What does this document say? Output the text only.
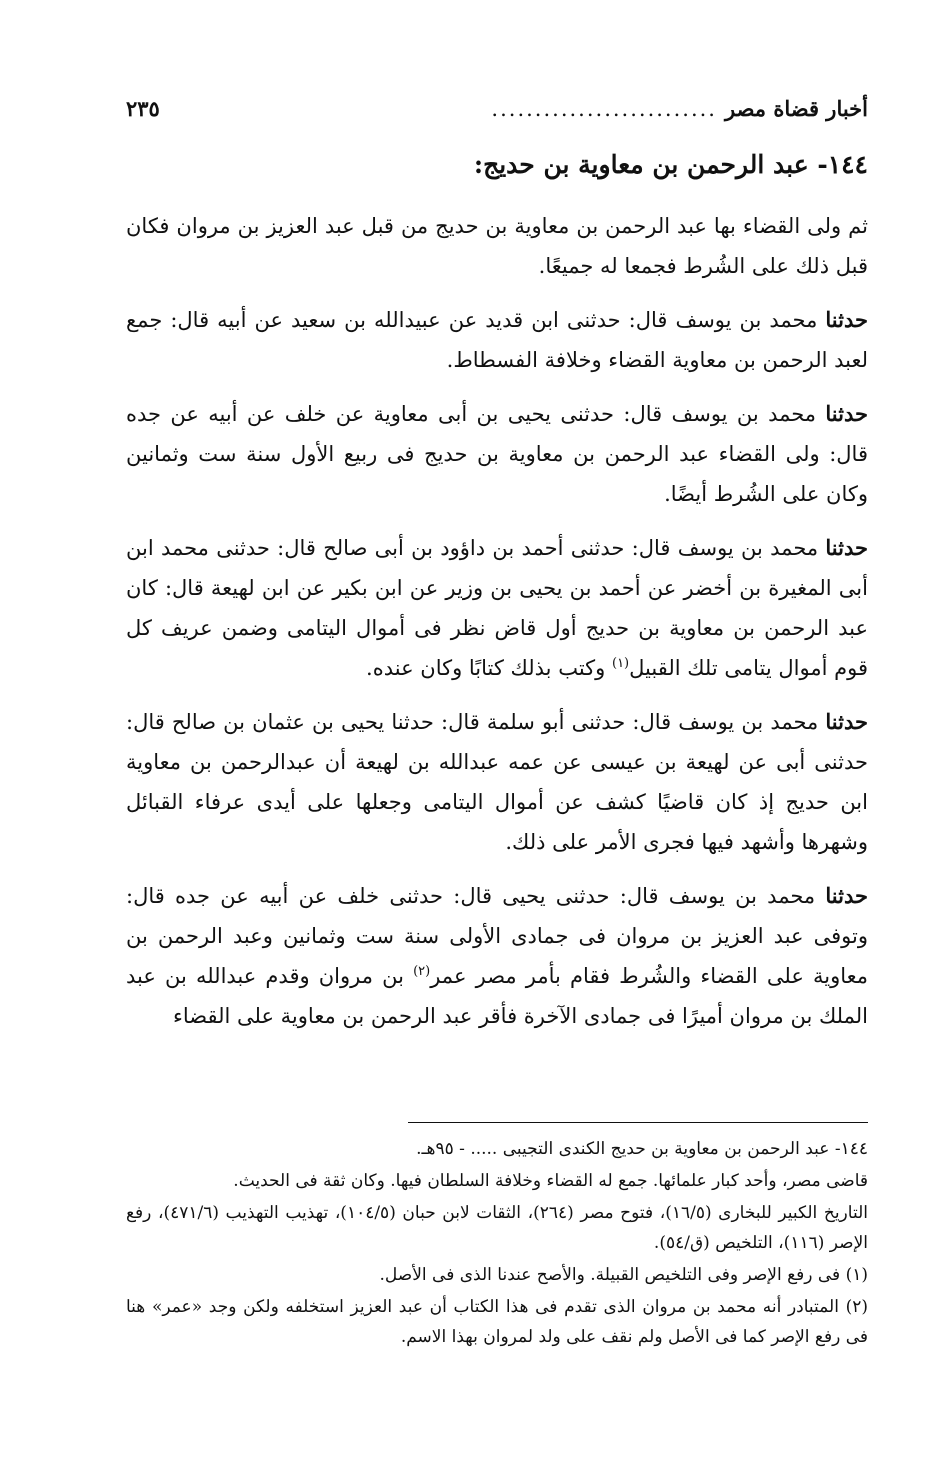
أخبار قضاة مصر
..........................
٢٣٥
١٤٤- عبد الرحمن بن معاوية بن حديج:

ثم ولى القضاء بها عبد الرحمن بن معاوية بن حديج من قبل عبد العزيز بن مروان فكان قبل ذلك على الشُرط فجمعا له جميعًا.

حدثنا محمد بن يوسف قال: حدثنى ابن قديد عن عبيدالله بن سعيد عن أبيه قال: جمع لعبد الرحمن بن معاوية القضاء وخلافة الفسطاط.

حدثنا محمد بن يوسف قال: حدثنى يحيى بن أبى معاوية عن خلف عن أبيه عن جده قال: ولى القضاء عبد الرحمن بن معاوية بن حديج فى ربيع الأول سنة ست وثمانين وكان على الشُرط أيضًا.

حدثنا محمد بن يوسف قال: حدثنى أحمد بن داؤود بن أبى صالح قال: حدثنى محمد ابن أبى المغيرة بن أخضر عن أحمد بن يحيى بن وزير عن ابن بكير عن ابن لهيعة قال: كان عبد الرحمن بن معاوية بن حديج أول قاض نظر فى أموال اليتامى وضمن عريف كل قوم أموال يتامى تلك القبيل$^{(١)}$ وكتب بذلك كتابًا وكان عنده.

حدثنا محمد بن يوسف قال: حدثنى أبو سلمة قال: حدثنا يحيى بن عثمان بن صالح قال: حدثنى أبى عن لهيعة بن عيسى عن عمه عبدالله بن لهيعة أن عبدالرحمن بن معاوية ابن حديج إذ كان قاضيًا كشف عن أموال اليتامى وجعلها على أيدى عرفاء القبائل وشهرها وأشهد فيها فجرى الأمر على ذلك.

حدثنا محمد بن يوسف قال: حدثنى يحيى قال: حدثنى خلف عن أبيه عن جده قال: وتوفى عبد العزيز بن مروان فى جمادى الأولى سنة ست وثمانين وعبد الرحمن بن معاوية على القضاء والشُرط فقام بأمر مصر عمر$^{(٢)}$ بن مروان وقدم عبدالله بن عبد الملك بن مروان أميرًا فى جمادى الآخرة فأقر عبد الرحمن بن معاوية على القضاء

١٤٤- عبد الرحمن بن معاوية بن حديج الكندى التجيبى ..... - ٩٥هـ.

قاضى مصر، وأحد كبار علمائها. جمع له القضاء وخلافة السلطان فيها. وكان ثقة فى الحديث.

التاريخ الكبير للبخارى (١٦/٥)، فتوح مصر (٢٦٤)، الثقات لابن حبان (١٠٤/٥)، تهذيب التهذيب (٤٧١/٦)، رفع الإصر (١١٦)، التلخيص (ق/٥٤).

(١) فى رفع الإصر وفى التلخيص القبيلة. والأصح عندنا الذى فى الأصل.

(٢) المتبادر أنه محمد بن مروان الذى تقدم فى هذا الكتاب أن عبد العزيز استخلفه ولكن وجد «عمر» هنا فى رفع الإصر كما فى الأصل ولم نقف على ولد لمروان بهذا الاسم.
